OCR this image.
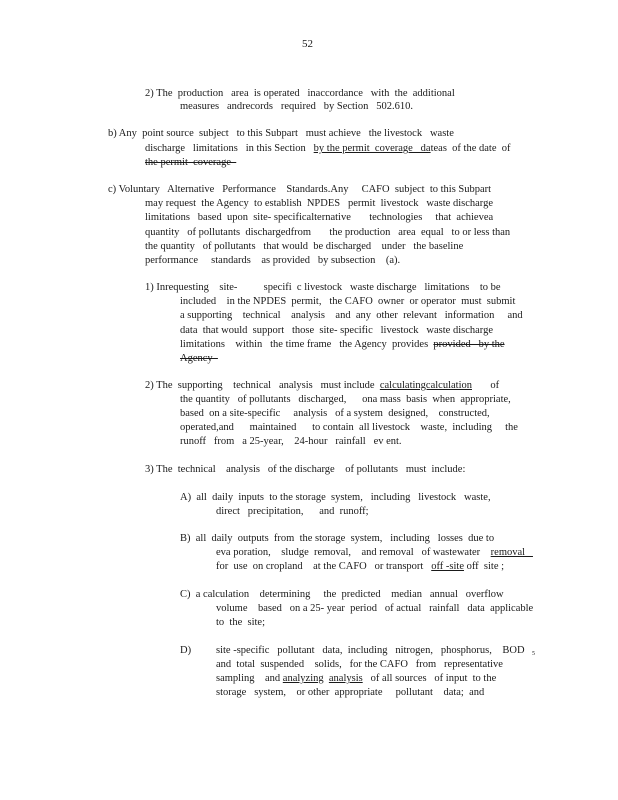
52
2) The  production   area  is operated   inaccordance   with  the  additional
measures   andrecords   required   by Section   502.610.
b) Any  point source  subject   to this Subpart   must achieve   the livestock   waste
discharge   limitations   in this Section   by the permit  coverage   dateas  of the date  of
the permit  coverage
c) Voluntary   Alternative   Performance    Standards.Any     CAFO  subject  to this Subpart
may request  the Agency  to establish  NPDES   permit  livestock   waste discharge
limitations   based  upon  site- specificalternative       technologies     that  achievea
quantity   of pollutants  dischargedfrom       the production   area  equal   to or less than
the quantity   of pollutants   that would  be discharged    under   the baseline
performance     standards    as provided   by subsection    (a).
1) Inrequesting    site-          specifi  c livestock   waste discharge   limitations    to be
included    in the NPDES  permit,   the CAFO  owner  or operator  must  submit
a supporting    technical    analysis    and  any  other  relevant   information     and
data  that would  support   those  site- specific   livestock   waste discharge
limitations    within   the time frame   the Agency  provides  provided   by the
Agency
2) The  supporting    technical   analysis   must include  calculatingcalculation       of
the quantity   of pollutants   discharged,      ona mass  basis  when  appropriate,
based  on a site-specific     analysis   of a system  designed,    constructed,
operated,and      maintained      to contain  all livestock    waste,  including     the
runoff   from   a 25-year,    24-hour   rainfall   ev ent.
3) The  technical    analysis   of the discharge    of pollutants   must  include:
A)  all  daily  inputs  to the storage  system,   including   livestock   waste,
direct   precipitation,      and  runoff;
B)  all  daily  outputs  from  the storage  system,   including   losses  due to
eva poration,    sludge  removal,    and removal   of wastewater    removal
for  use  on cropland    at the CAFO   or transport   off -site off  site ;
C)  a calculation    determining     the  predicted    median   annual   overflow
volume    based   on a 25- year  period   of actual   rainfall   data  applicable
to  the  site;
D) site -specific   pollutant   data,  including   nitrogen,   phosphorus,    BOD 5
and  total  suspended    solids,   for the CAFO   from   representative
sampling    and analyzing analysis   of all sources   of input  to the
storage   system,    or other  appropriate     pollutant    data;  and
